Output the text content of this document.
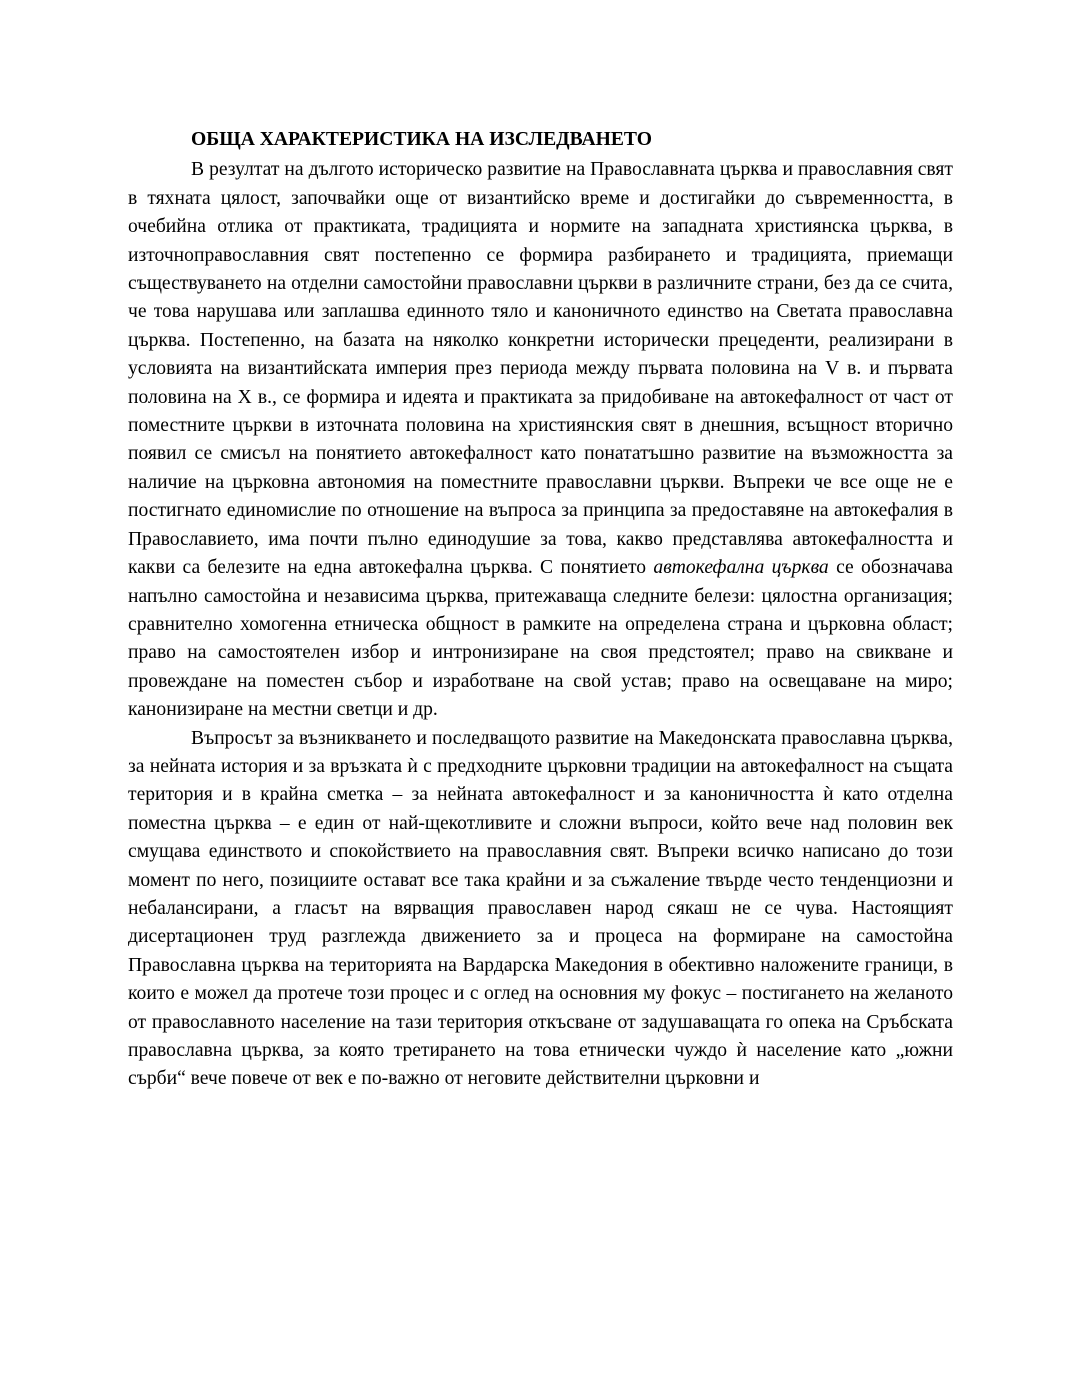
ОБЩА ХАРАКТЕРИСТИКА НА ИЗСЛЕДВАНЕТО

В резултат на дългото историческо развитие на Православната църква и православния свят в тяхната цялост, започвайки още от византийско време и достигайки до съвременността, в очебийна отлика от практиката, традицията и нормите на западната християнска църква, в източноправославния свят постепенно се формира разбирането и традицията, приемащи съществуването на отделни самостойни православни църкви в различните страни, без да се счита, че това нарушава или заплашва единното тяло и каноничното единство на Светата православна църква. Постепенно, на базата на няколко конкретни исторически прецеденти, реализирани в условията на византийската империя през периода между първата половина на V в. и първата половина на X в., се формира и идеята и практиката за придобиване на автокефалност от част от поместните църкви в източната половина на християнския свят в днешния, всъщност вторично появил се смисъл на понятието автокефалност като понататъшно развитие на възможността за наличие на църковна автономия на поместните православни църкви. Въпреки че все още не е постигнато единомислие по отношение на въпроса за принципа за предоставяне на автокефалия в Православието, има почти пълно единодушие за това, какво представлява автокефалността и какви са белезите на една автокефална църква. С понятието автокефална църква се обозначава напълно самостойна и независима църква, притежаваща следните белези: цялостна организация; сравнително хомогенна етническа общност в рамките на определена страна и църковна област; право на самостоятелен избор и интронизиране на своя предстоятел; право на свикване и провеждане на поместен събор и изработване на свой устав; право на освещаване на миро; канонизиране на местни светци и др.

Въпросът за възникването и последващото развитие на Македонската православна църква, за нейната история и за връзката ѝ с предходните църковни традиции на автокефалност на същата територия и в крайна сметка – за нейната автокефалност и за каноничността ѝ като отделна поместна църква – е един от най-щекотливите и сложни въпроси, който вече над половин век смущава единството и спокойствието на православния свят. Въпреки всичко написано до този момент по него, позициите остават все така крайни и за съжаление твърде често тенденциозни и небалансирани, а гласът на вярващия православен народ сякаш не се чува. Настоящият дисертационен труд разглежда движението за и процеса на формиране на самостойна Православна църква на територията на Вардарска Македония в обективно наложените граници, в които е можел да протече този процес и с оглед на основния му фокус – постигането на желаното от православното население на тази територия откъсване от задушаващата го опека на Сръбската православна църква, за която третирането на това етнически чуждо ѝ население като „южни сърби“ вече повече от век е по-важно от неговите действителни църковни и
